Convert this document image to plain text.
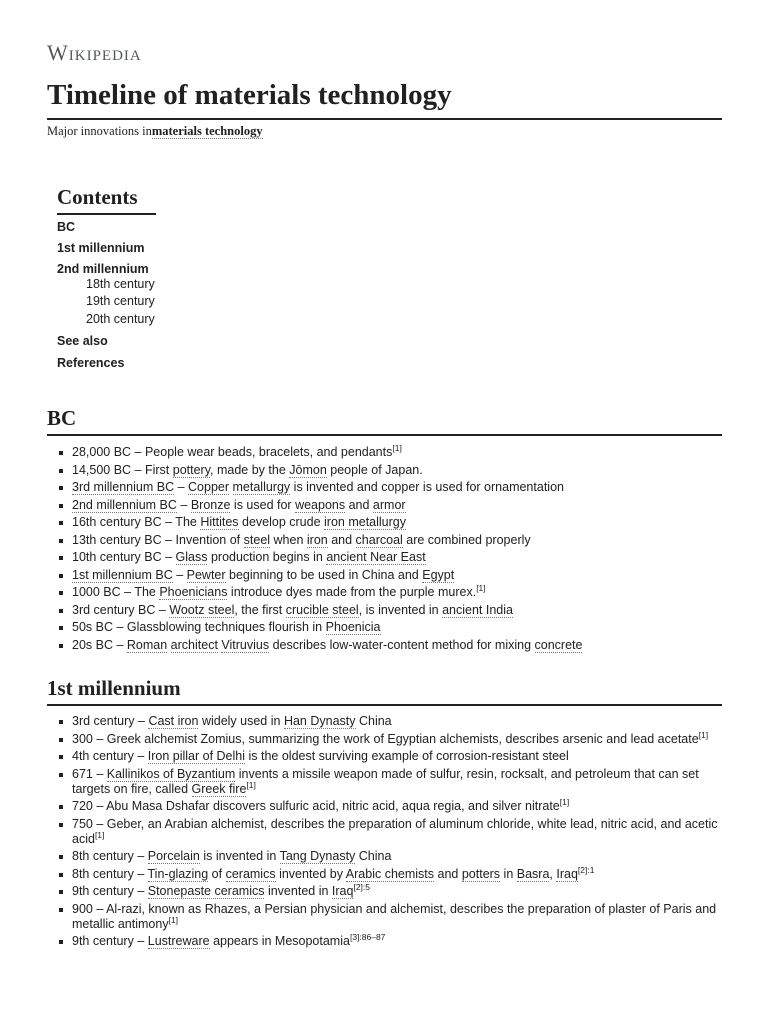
Wikipedia
Timeline of materials technology
Major innovations inmaterials technology
Contents
BC
1st millennium
2nd millennium
18th century
19th century
20th century
See also
References
BC
28,000 BC – People wear beads, bracelets, and pendants[1]
14,500 BC – First pottery, made by the Jōmon people of Japan.
3rd millennium BC – Copper metallurgy is invented and copper is used for ornamentation
2nd millennium BC – Bronze is used for weapons and armor
16th century BC – The Hittites develop crude iron metallurgy
13th century BC – Invention of steel when iron and charcoal are combined properly
10th century BC – Glass production begins in ancient Near East
1st millennium BC – Pewter beginning to be used in China and Egypt
1000 BC – The Phoenicians introduce dyes made from the purple murex.[1]
3rd century BC – Wootz steel, the first crucible steel, is invented in ancient India
50s BC – Glassblowing techniques flourish in Phoenicia
20s BC – Roman architect Vitruvius describes low-water-content method for mixing concrete
1st millennium
3rd century – Cast iron widely used in Han Dynasty China
300 – Greek alchemist Zomius, summarizing the work of Egyptian alchemists, describes arsenic and lead acetate[1]
4th century – Iron pillar of Delhi is the oldest surviving example of corrosion-resistant steel
671 – Kallinikos of Byzantium invents a missile weapon made of sulfur, resin, rocksalt, and petroleum that can set targets on fire, called Greek fire[1]
720 – Abu Masa Dshafar discovers sulfuric acid, nitric acid, aqua regia, and silver nitrate[1]
750 – Geber, an Arabian alchemist, describes the preparation of aluminum chloride, white lead, nitric acid, and acetic acid[1]
8th century – Porcelain is invented in Tang Dynasty China
8th century – Tin-glazing of ceramics invented by Arabic chemists and potters in Basra, Iraq$^{[2]:1}$
9th century – Stonepaste ceramics invented in Iraq$^{[2]:5}$
900 – Al-razi, known as Rhazes, a Persian physician and alchemist, describes the preparation of plaster of Paris and metallic antimony[1]
9th century – Lustreware appears in Mesopotamia$^{[3]:86-87}$
